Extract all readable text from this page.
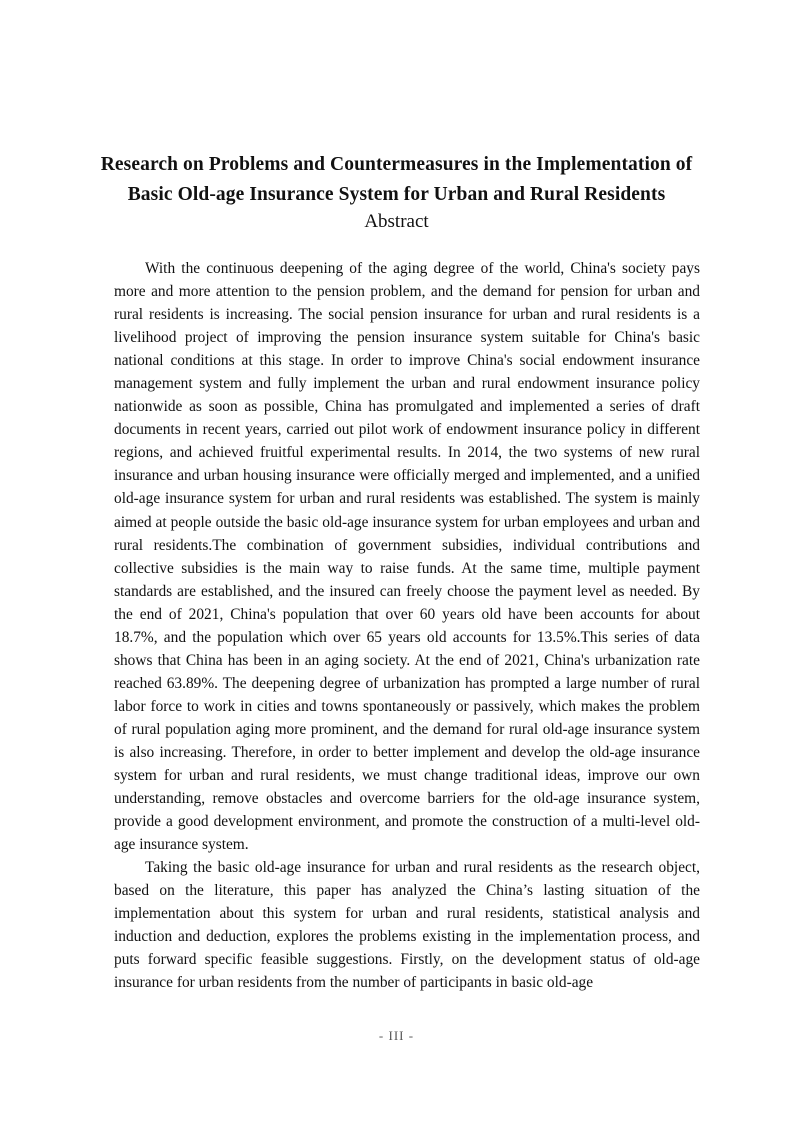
Research on Problems and Countermeasures in the Implementation of
Basic Old-age Insurance System for Urban and Rural Residents
Abstract

With the continuous deepening of the aging degree of the world, China's society pays more and more attention to the pension problem, and the demand for pension for urban and rural residents is increasing. The social pension insurance for urban and rural residents is a livelihood project of improving the pension insurance system suitable for China's basic national conditions at this stage. In order to improve China's social endowment insurance management system and fully implement the urban and rural endowment insurance policy nationwide as soon as possible, China has promulgated and implemented a series of draft documents in recent years, carried out pilot work of endowment insurance policy in different regions, and achieved fruitful experimental results. In 2014, the two systems of new rural insurance and urban housing insurance were officially merged and implemented, and a unified old-age insurance system for urban and rural residents was established. The system is mainly aimed at people outside the basic old-age insurance system for urban employees and urban and rural residents.The combination of government subsidies, individual contributions and collective subsidies is the main way to raise funds. At the same time, multiple payment standards are established, and the insured can freely choose the payment level as needed. By the end of 2021, China's population that over 60 years old have been accounts for about 18.7%, and the population which over 65 years old accounts for 13.5%.This series of data shows that China has been in an aging society. At the end of 2021, China's urbanization rate reached 63.89%. The deepening degree of urbanization has prompted a large number of rural labor force to work in cities and towns spontaneously or passively, which makes the problem of rural population aging more prominent, and the demand for rural old-age insurance system is also increasing. Therefore, in order to better implement and develop the old-age insurance system for urban and rural residents, we must change traditional ideas, improve our own understanding, remove obstacles and overcome barriers for the old-age insurance system, provide a good development environment, and promote the construction of a multi-level old-age insurance system.

Taking the basic old-age insurance for urban and rural residents as the research object, based on the literature, this paper has analyzed the China’s lasting situation of the implementation about this system for urban and rural residents, statistical analysis and induction and deduction, explores the problems existing in the implementation process, and puts forward specific feasible suggestions. Firstly, on the development status of old-age insurance for urban residents from the number of participants in basic old-age

- III -
